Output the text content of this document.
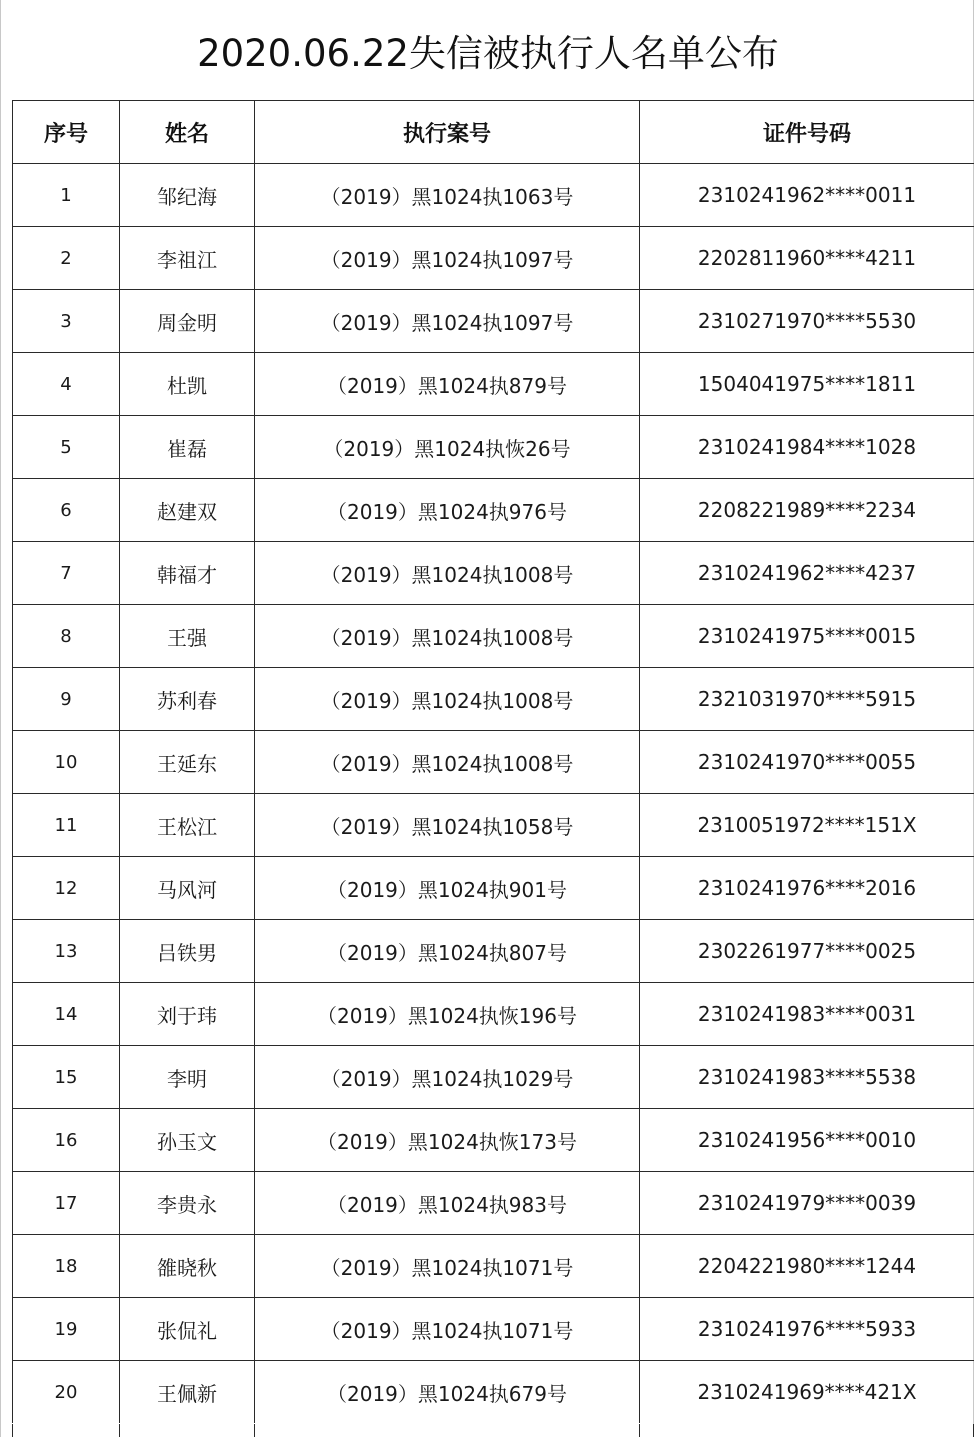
2020.06.22失信被执行人名单公布
序号	姓名	执行案号	证件号码
1	邹纪海	（2019）黑1024执1063号	2310241962****0011
2	李祖江	（2019）黑1024执1097号	2202811960****4211
3	周金明	（2019）黑1024执1097号	2310271970****5530
4	杜凯	（2019）黑1024执879号	1504041975****1811
5	崔磊	（2019）黑1024执恢26号	2310241984****1028
6	赵建双	（2019）黑1024执976号	2208221989****2234
7	韩福才	（2019）黑1024执1008号	2310241962****4237
8	王强	（2019）黑1024执1008号	2310241975****0015
9	苏利春	（2019）黑1024执1008号	2321031970****5915
10	王延东	（2019）黑1024执1008号	2310241970****0055
11	王松江	（2019）黑1024执1058号	2310051972****151X
12	马风河	（2019）黑1024执901号	2310241976****2016
13	吕铁男	（2019）黑1024执807号	2302261977****0025
14	刘于玮	（2019）黑1024执恢196号	2310241983****0031
15	李明	（2019）黑1024执1029号	2310241983****5538
16	孙玉文	（2019）黑1024执恢173号	2310241956****0010
17	李贵永	（2019）黑1024执983号	2310241979****0039
18	雒晓秋	（2019）黑1024执1071号	2204221980****1244
19	张侃礼	（2019）黑1024执1071号	2310241976****5933
20	王佩新	（2019）黑1024执679号	2310241969****421X
